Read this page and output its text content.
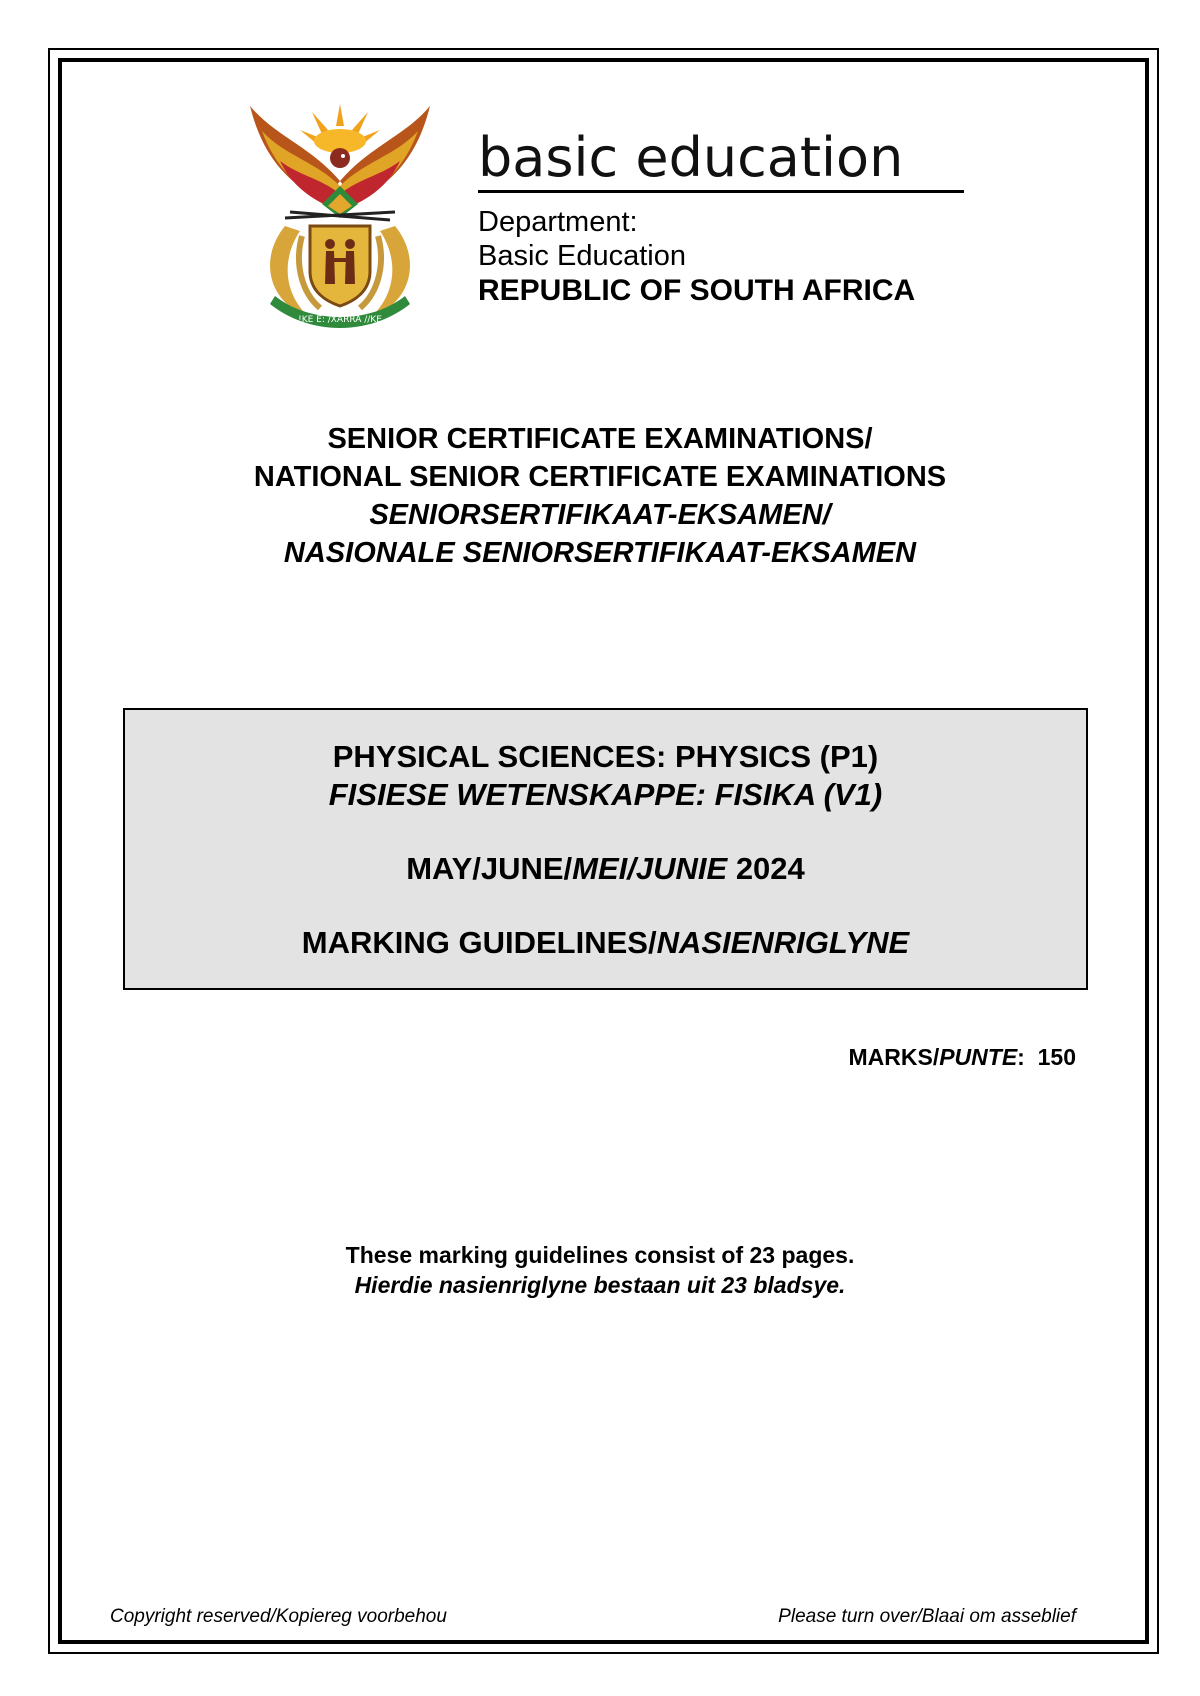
!KE E: /XARRA //KE
basic education
Department:
Basic Education
REPUBLIC OF SOUTH AFRICA
SENIOR CERTIFICATE EXAMINATIONS/
NATIONAL SENIOR CERTIFICATE EXAMINATIONS
SENIORSERTIFIKAAT-EKSAMEN/
NASIONALE SENIORSERTIFIKAAT-EKSAMEN
PHYSICAL SCIENCES: PHYSICS (P1)
FISIESE WETENSKAPPE: FISIKA (V1)
MAY/JUNE/MEI/JUNIE 2024
MARKING GUIDELINES/NASIENRIGLYNE
MARKS/PUNTE:  150
These marking guidelines consist of 23 pages.
Hierdie nasienriglyne bestaan uit 23 bladsye.
Copyright reserved/Kopiereg voorbehou	Please turn over/Blaai om asseblief
